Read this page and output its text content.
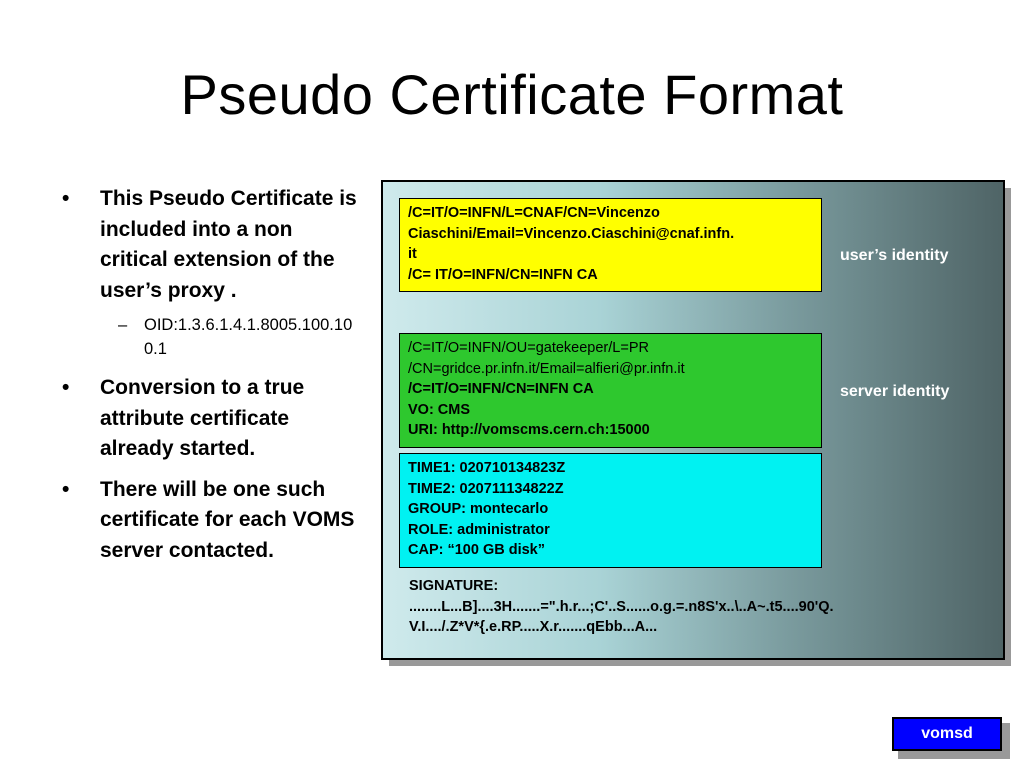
Pseudo Certificate Format
• This Pseudo Certificate is included into a non critical extension of the user’s proxy .
– OID:1.3.6.1.4.1.8005.100.100.1
• Conversion to a true attribute certificate already started.
• There will be one such certificate for each VOMS server contacted.
/C=IT/O=INFN/L=CNAF/CN=Vincenzo
Ciaschini/Email=Vincenzo.Ciaschini@cnaf.infn.
it
/C= IT/O=INFN/CN=INFN CA
user’s identity
/C=IT/O=INFN/OU=gatekeeper/L=PR
/CN=gridce.pr.infn.it/Email=alfieri@pr.infn.it
/C=IT/O=INFN/CN=INFN CA
VO: CMS
URI: http://vomscms.cern.ch:15000
server identity
TIME1: 020710134823Z
TIME2: 020711134822Z
GROUP: montecarlo
ROLE: administrator
CAP: “100 GB disk”
SIGNATURE:
........L...B]....3H.......=".h.r...;C'..S......o.g.=.n8S'x..\..A~.t5....90'Q.
V.I..../.Z*V*{.e.RP.....X.r.......qEbb...A...
vomsd
